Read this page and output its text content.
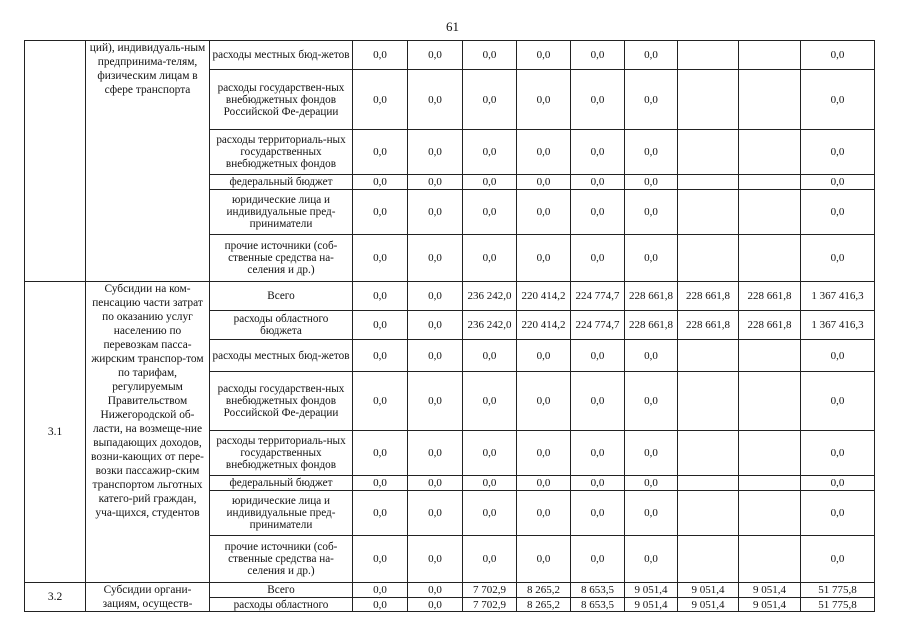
61
	ций), индивидуаль-ным предпринима-телям, физическим лицам в сфере транспорта	расходы местных бюд-жетов	0,0	0,0	0,0	0,0	0,0	0,0			0,0
		расходы государствен-ных внебюджетных фондов Российской Фе-дерации	0,0	0,0	0,0	0,0	0,0	0,0			0,0
		расходы территориаль-ных государственных внебюджетных фондов	0,0	0,0	0,0	0,0	0,0	0,0			0,0
		федеральный бюджет	0,0	0,0	0,0	0,0	0,0	0,0			0,0
		юридические лица и индивидуальные пред-приниматели	0,0	0,0	0,0	0,0	0,0	0,0			0,0
		прочие источники (соб-ственные средства на-селения и др.)	0,0	0,0	0,0	0,0	0,0	0,0			0,0
3.1	Субсидии на ком-пенсацию части затрат по оказанию услуг населению по перевозкам пасса-жирским транспор-том по тарифам, регулируемым Правительством Нижегородской об-ласти, на возмеще-ние выпадающих доходов, возни-кающих от пере-возки пассажир-ским транспортом льготных катего-рий граждан, уча-щихся, студентов	Всего	0,0	0,0	236 242,0	220 414,2	224 774,7	228 661,8	228 661,8	228 661,8	1 367 416,3
		расходы областного бюджета	0,0	0,0	236 242,0	220 414,2	224 774,7	228 661,8	228 661,8	228 661,8	1 367 416,3
		расходы местных бюд-жетов	0,0	0,0	0,0	0,0	0,0	0,0			0,0
		расходы государствен-ных внебюджетных фондов Российской Фе-дерации	0,0	0,0	0,0	0,0	0,0	0,0			0,0
		расходы территориаль-ных государственных внебюджетных фондов	0,0	0,0	0,0	0,0	0,0	0,0			0,0
		федеральный бюджет	0,0	0,0	0,0	0,0	0,0	0,0			0,0
		юридические лица и индивидуальные пред-приниматели	0,0	0,0	0,0	0,0	0,0	0,0			0,0
		прочие источники (соб-ственные средства на-селения и др.)	0,0	0,0	0,0	0,0	0,0	0,0			0,0
3.2	Субсидии органи-зациям, осуществ-	Всего	0,0	0,0	7 702,9	8 265,2	8 653,5	9 051,4	9 051,4	9 051,4	51 775,8
		расходы областного	0,0	0,0	7 702,9	8 265,2	8 653,5	9 051,4	9 051,4	9 051,4	51 775,8
